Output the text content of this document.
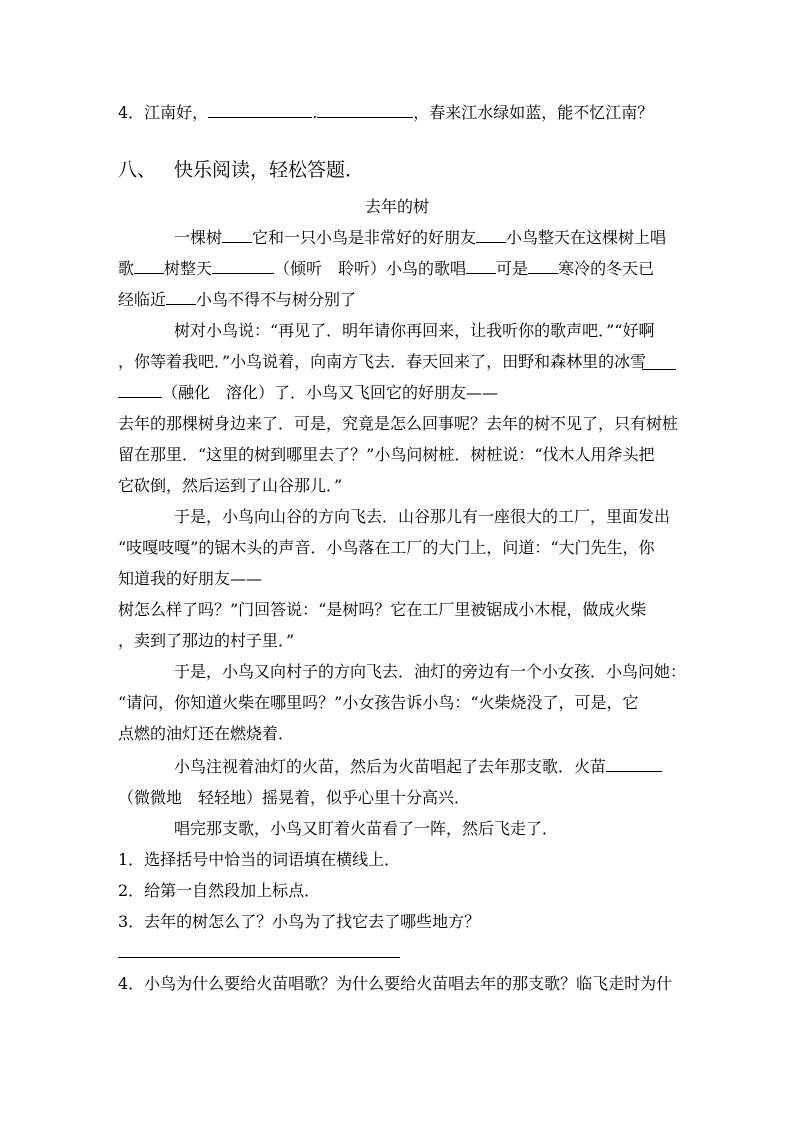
4．江南好，	.	，春来江水绿如蓝，能不忆江南？
八、 快乐阅读，轻松答题．
去年的树
一棵树 它和一只小鸟是非常好的好朋友 小鸟整天在这棵树上唱
歌 树整天	（倾听　聆听）小鸟的歌唱 可是 寒冷的冬天已
经临近 小鸟不得不与树分别了
树对小鸟说：“再见了．明年请你再回来，让我听你的歌声吧．”“好啊
，你等着我吧．”小鸟说着，向南方飞去．春天回来了，田野和森林里的冰雪
（融化　溶化）了．小鸟又飞回它的好朋友——
去年的那棵树身边来了．可是，究竟是怎么回事呢？去年的树不见了，只有树桩
留在那里．“这里的树到哪里去了？”小鸟问树桩．树桩说：“伐木人用斧头把
它砍倒，然后运到了山谷那儿．”
于是，小鸟向山谷的方向飞去．山谷那儿有一座很大的工厂，里面发出
“吱嘎吱嘎”的锯木头的声音．小鸟落在工厂的大门上，问道：“大门先生，你
知道我的好朋友——
树怎么样了吗？”门回答说：“是树吗？它在工厂里被锯成小木棍，做成火柴
，卖到了那边的村子里．”
于是，小鸟又向村子的方向飞去．油灯的旁边有一个小女孩．小鸟问她：
“请问，你知道火柴在哪里吗？”小女孩告诉小鸟：“火柴烧没了，可是，它
点燃的油灯还在燃烧着．
小鸟注视着油灯的火苗，然后为火苗唱起了去年那支歌．火苗
（微微地　轻轻地）摇晃着，似乎心里十分高兴．
唱完那支歌，小鸟又盯着火苗看了一阵，然后飞走了．
1．选择括号中恰当的词语填在横线上．
2．给第一自然段加上标点．
3．去年的树怎么了？小鸟为了找它去了哪些地方？
4．小鸟为什么要给火苗唱歌？为什么要给火苗唱去年的那支歌？临飞走时为什
